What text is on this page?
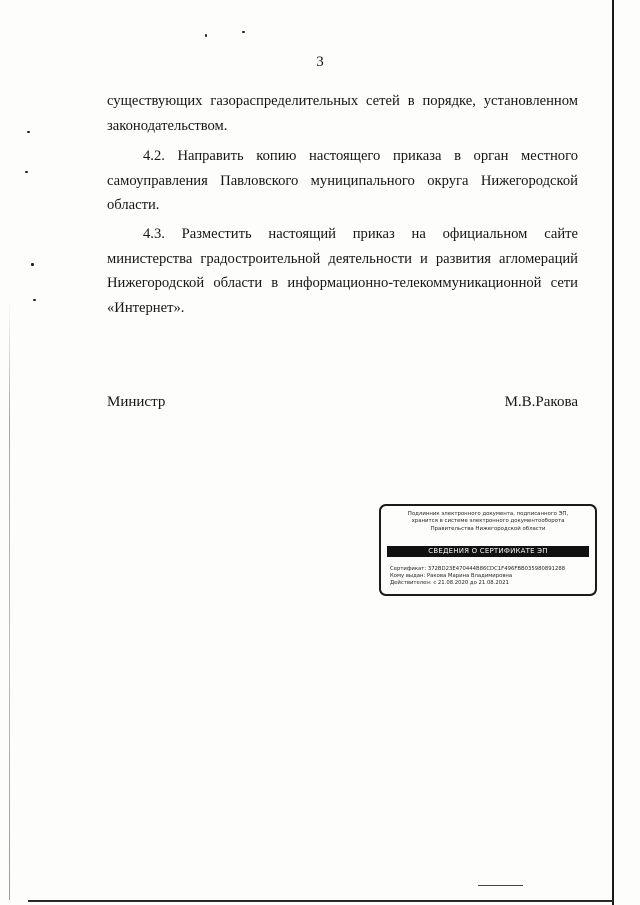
3

существующих газораспределительных сетей в порядке, установленном законодательством.

4.2. Направить копию настоящего приказа в орган местного самоуправления Павловского муниципального округа Нижегородской области.

4.3. Разместить настоящий приказ на официальном сайте министерства градостроительной деятельности и развития агломераций Нижегородской области в информационно-телекоммуникационной сети «Интернет».

Министр	М.В.Ракова
Подлинник электронного документа, подписанного ЭП,
хранится в системе электронного документооборота
Правительства Нижегородской области
СВЕДЕНИЯ О СЕРТИФИКАТЕ ЭП
Сертификат: 372BD23E470444B86CDC1F496FBB035980891288
Кому выдан: Ракова Марина Владимировна
Действителен: с 21.08.2020 до 21.08.2021
